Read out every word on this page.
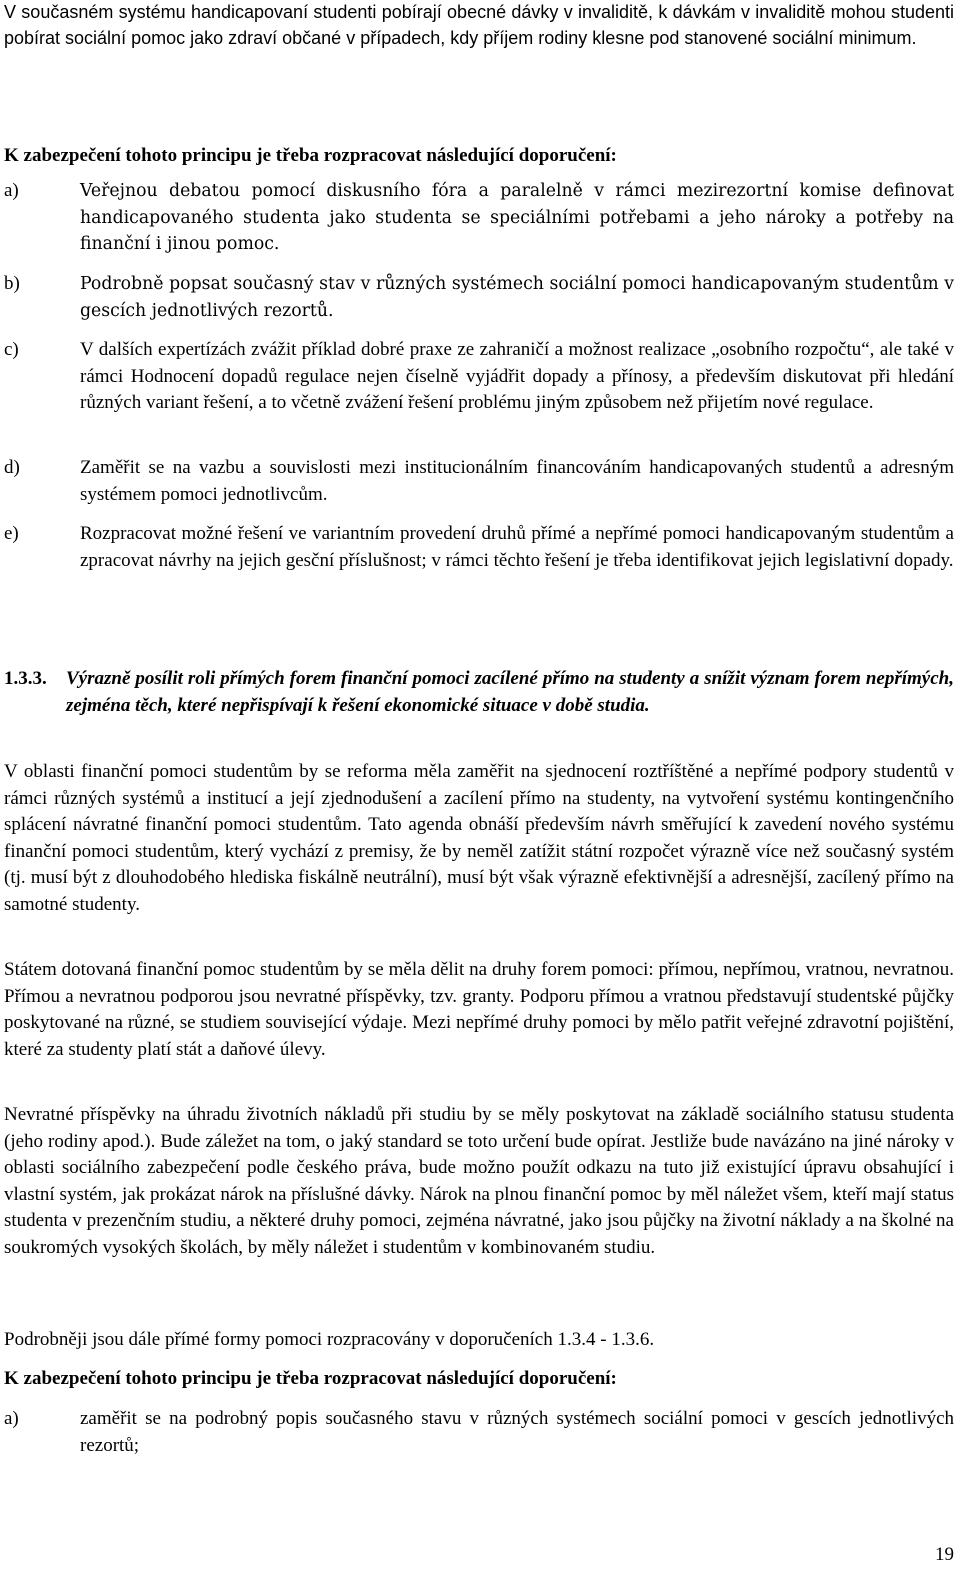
V současném systému handicapovaní studenti pobírají obecné dávky v invaliditě, k dávkám v invaliditě mohou studenti pobírat sociální pomoc jako zdraví občané v případech, kdy příjem rodiny klesne pod stanovené sociální minimum.

K zabezpečení tohoto principu je třeba rozpracovat následující doporučení:

a)	Veřejnou debatou pomocí diskusního fóra a paralelně v rámci mezirezortní komise definovat handicapovaného studenta jako studenta se speciálními potřebami a jeho nároky a potřeby na finanční i jinou pomoc.
b)	Podrobně popsat současný stav v různých systémech sociální pomoci handicapovaným studentům v gescích jednotlivých rezortů.
c)	V dalších expertízách zvážit příklad dobré praxe ze zahraničí a možnost realizace „osobního rozpočtu“, ale také v rámci Hodnocení dopadů regulace nejen číselně vyjádřit dopady a přínosy, a především diskutovat při hledání různých variant řešení, a to včetně zvážení řešení problému jiným způsobem než přijetím nové regulace.
d)	Zaměřit se na vazbu a souvislosti mezi institucionálním financováním handicapovaných studentů a adresným systémem pomoci jednotlivcům.
e)	Rozpracovat možné řešení ve variantním provedení druhů přímé a nepřímé pomoci handicapovaným studentům a zpracovat návrhy na jejich gesční příslušnost; v rámci těchto řešení je třeba identifikovat jejich legislativní dopady.
1.3.3. Výrazně posílit roli přímých forem finanční pomoci zacílené přímo na studenty a snížit význam forem nepřímých, zejména těch, které nepřispívají k řešení ekonomické situace v době studia.

V oblasti finanční pomoci studentům by se reforma měla zaměřit na sjednocení roztříštěné a nepřímé podpory studentů v rámci různých systémů a institucí a její zjednodušení a zacílení přímo na studenty, na vytvoření systému kontingenčního splácení návratné finanční pomoci studentům. Tato agenda obnáší především návrh směřující k zavedení nového systému finanční pomoci studentům, který vychází z premisy, že by neměl zatížit státní rozpočet výrazně více než současný systém (tj. musí být z dlouhodobého hlediska fiskálně neutrální), musí být však výrazně efektivnější a adresnější, zacílený přímo na samotné studenty.

Státem dotovaná finanční pomoc studentům by se měla dělit na druhy forem pomoci: přímou, nepřímou, vratnou, nevratnou. Přímou a nevratnou podporou jsou nevratné příspěvky, tzv. granty. Podporu přímou a vratnou představují studentské půjčky poskytované na různé, se studiem související výdaje. Mezi nepřímé druhy pomoci by mělo patřit veřejné zdravotní pojištění, které za studenty platí stát a daňové úlevy.

Nevratné příspěvky na úhradu životních nákladů při studiu by se měly poskytovat na základě sociálního statusu studenta (jeho rodiny apod.). Bude záležet na tom, o jaký standard se toto určení bude opírat. Jestliže bude navázáno na jiné nároky v oblasti sociálního zabezpečení podle českého práva, bude možno použít odkazu na tuto již existující úpravu obsahující i vlastní systém, jak prokázat nárok na příslušné dávky. Nárok na plnou finanční pomoc by měl náležet všem, kteří mají status studenta v prezenčním studiu, a některé druhy pomoci, zejména návratné, jako jsou půjčky na životní náklady a na školné na soukromých vysokých školách, by měly náležet i studentům v kombinovaném studiu.

Podrobněji jsou dále přímé formy pomoci rozpracovány v doporučeních 1.3.4 - 1.3.6.

K zabezpečení tohoto principu je třeba rozpracovat následující doporučení:

a)	zaměřit se na podrobný popis současného stavu v různých systémech sociální pomoci v gescích jednotlivých rezortů;
19
